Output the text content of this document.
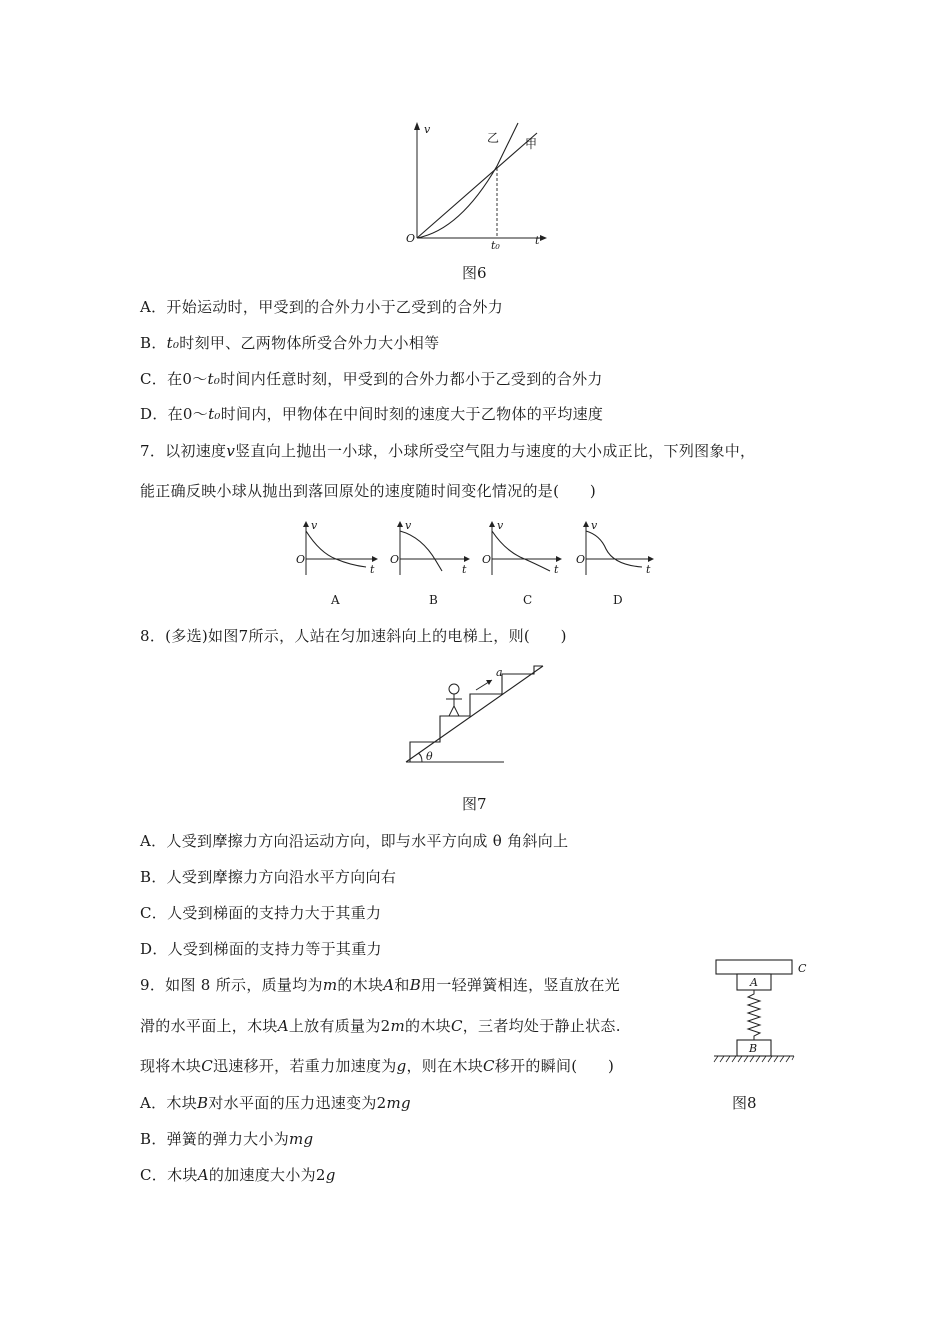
v
t
O
t₀
乙 甲
图6
A．开始运动时，甲受到的合外力小于乙受到的合外力
B．t₀时刻甲、乙两物体所受合外力大小相等
C．在0～t₀时间内任意时刻，甲受到的合外力都小于乙受到的合外力
D．在0～t₀时间内，甲物体在中间时刻的速度大于乙物体的平均速度
7．以初速度v竖直向上抛出一小球，小球所受空气阻力与速度的大小成正比，下列图象中，
能正确反映小球从抛出到落回原处的速度随时间变化情况的是(　　)
v
t
O
A
v
t
O
B
v
t
O
C
v
t
O
D
8．(多选)如图7所示，人站在匀加速斜向上的电梯上，则(　　)
a
θ
图7
A．人受到摩擦力方向沿运动方向，即与水平方向成 θ 角斜向上
B．人受到摩擦力方向沿水平方向向右
C．人受到梯面的支持力大于其重力
D．人受到梯面的支持力等于其重力
9．如图 8 所示，质量均为m的木块A和B用一轻弹簧相连，竖直放在光
滑的水平面上，木块A上放有质量为2m的木块C，三者均处于静止状态.
现将木块C迅速移开，若重力加速度为g，则在木块C移开的瞬间(　　)
A．木块B对水平面的压力迅速变为2mg
B．弹簧的弹力大小为mg
C．木块A的加速度大小为2g
C
A
B
图8
